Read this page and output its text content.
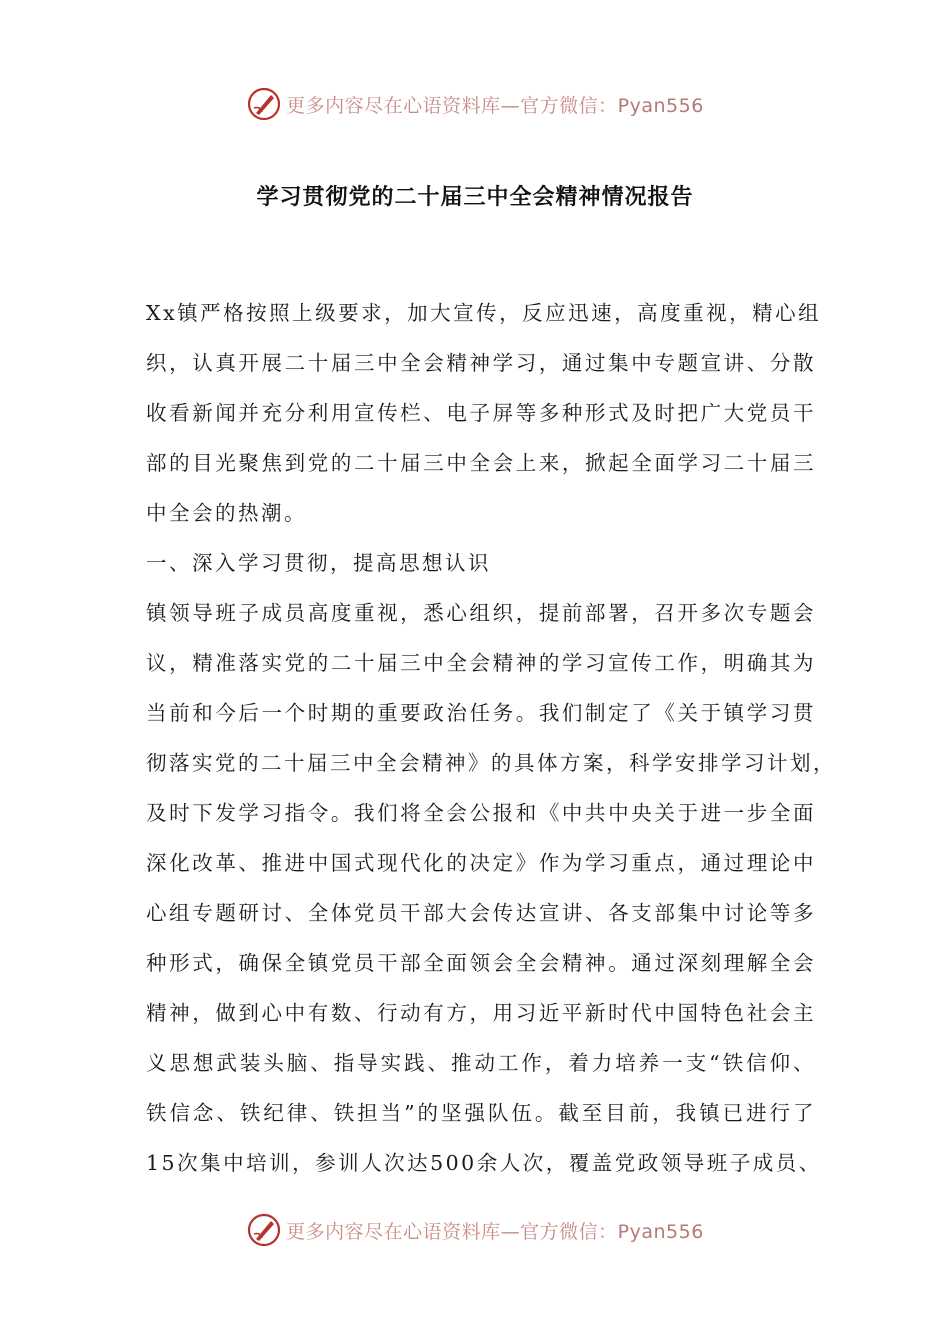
更多内容尽在心语资料库—官方微信：Pyan556
学习贯彻党的二十届三中全会精神情况报告
Xx镇严格按照上级要求，加大宣传，反应迅速，高度重视，精心组
织，认真开展二十届三中全会精神学习，通过集中专题宣讲、分散
收看新闻并充分利用宣传栏、电子屏等多种形式及时把广大党员干
部的目光聚焦到党的二十届三中全会上来，掀起全面学习二十届三
中全会的热潮。
一、深入学习贯彻，提高思想认识
镇领导班子成员高度重视，悉心组织，提前部署，召开多次专题会
议，精准落实党的二十届三中全会精神的学习宣传工作，明确其为
当前和今后一个时期的重要政治任务。我们制定了《关于镇学习贯
彻落实党的二十届三中全会精神》的具体方案，科学安排学习计划，
及时下发学习指令。我们将全会公报和《中共中央关于进一步全面
深化改革、推进中国式现代化的决定》作为学习重点，通过理论中
心组专题研讨、全体党员干部大会传达宣讲、各支部集中讨论等多
种形式，确保全镇党员干部全面领会全会精神。通过深刻理解全会
精神，做到心中有数、行动有方，用习近平新时代中国特色社会主
义思想武装头脑、指导实践、推动工作，着力培养一支“铁信仰、
铁信念、铁纪律、铁担当”的坚强队伍。截至目前，我镇已进行了
15次集中培训，参训人次达500余人次，覆盖党政领导班子成员、
更多内容尽在心语资料库—官方微信：Pyan556
